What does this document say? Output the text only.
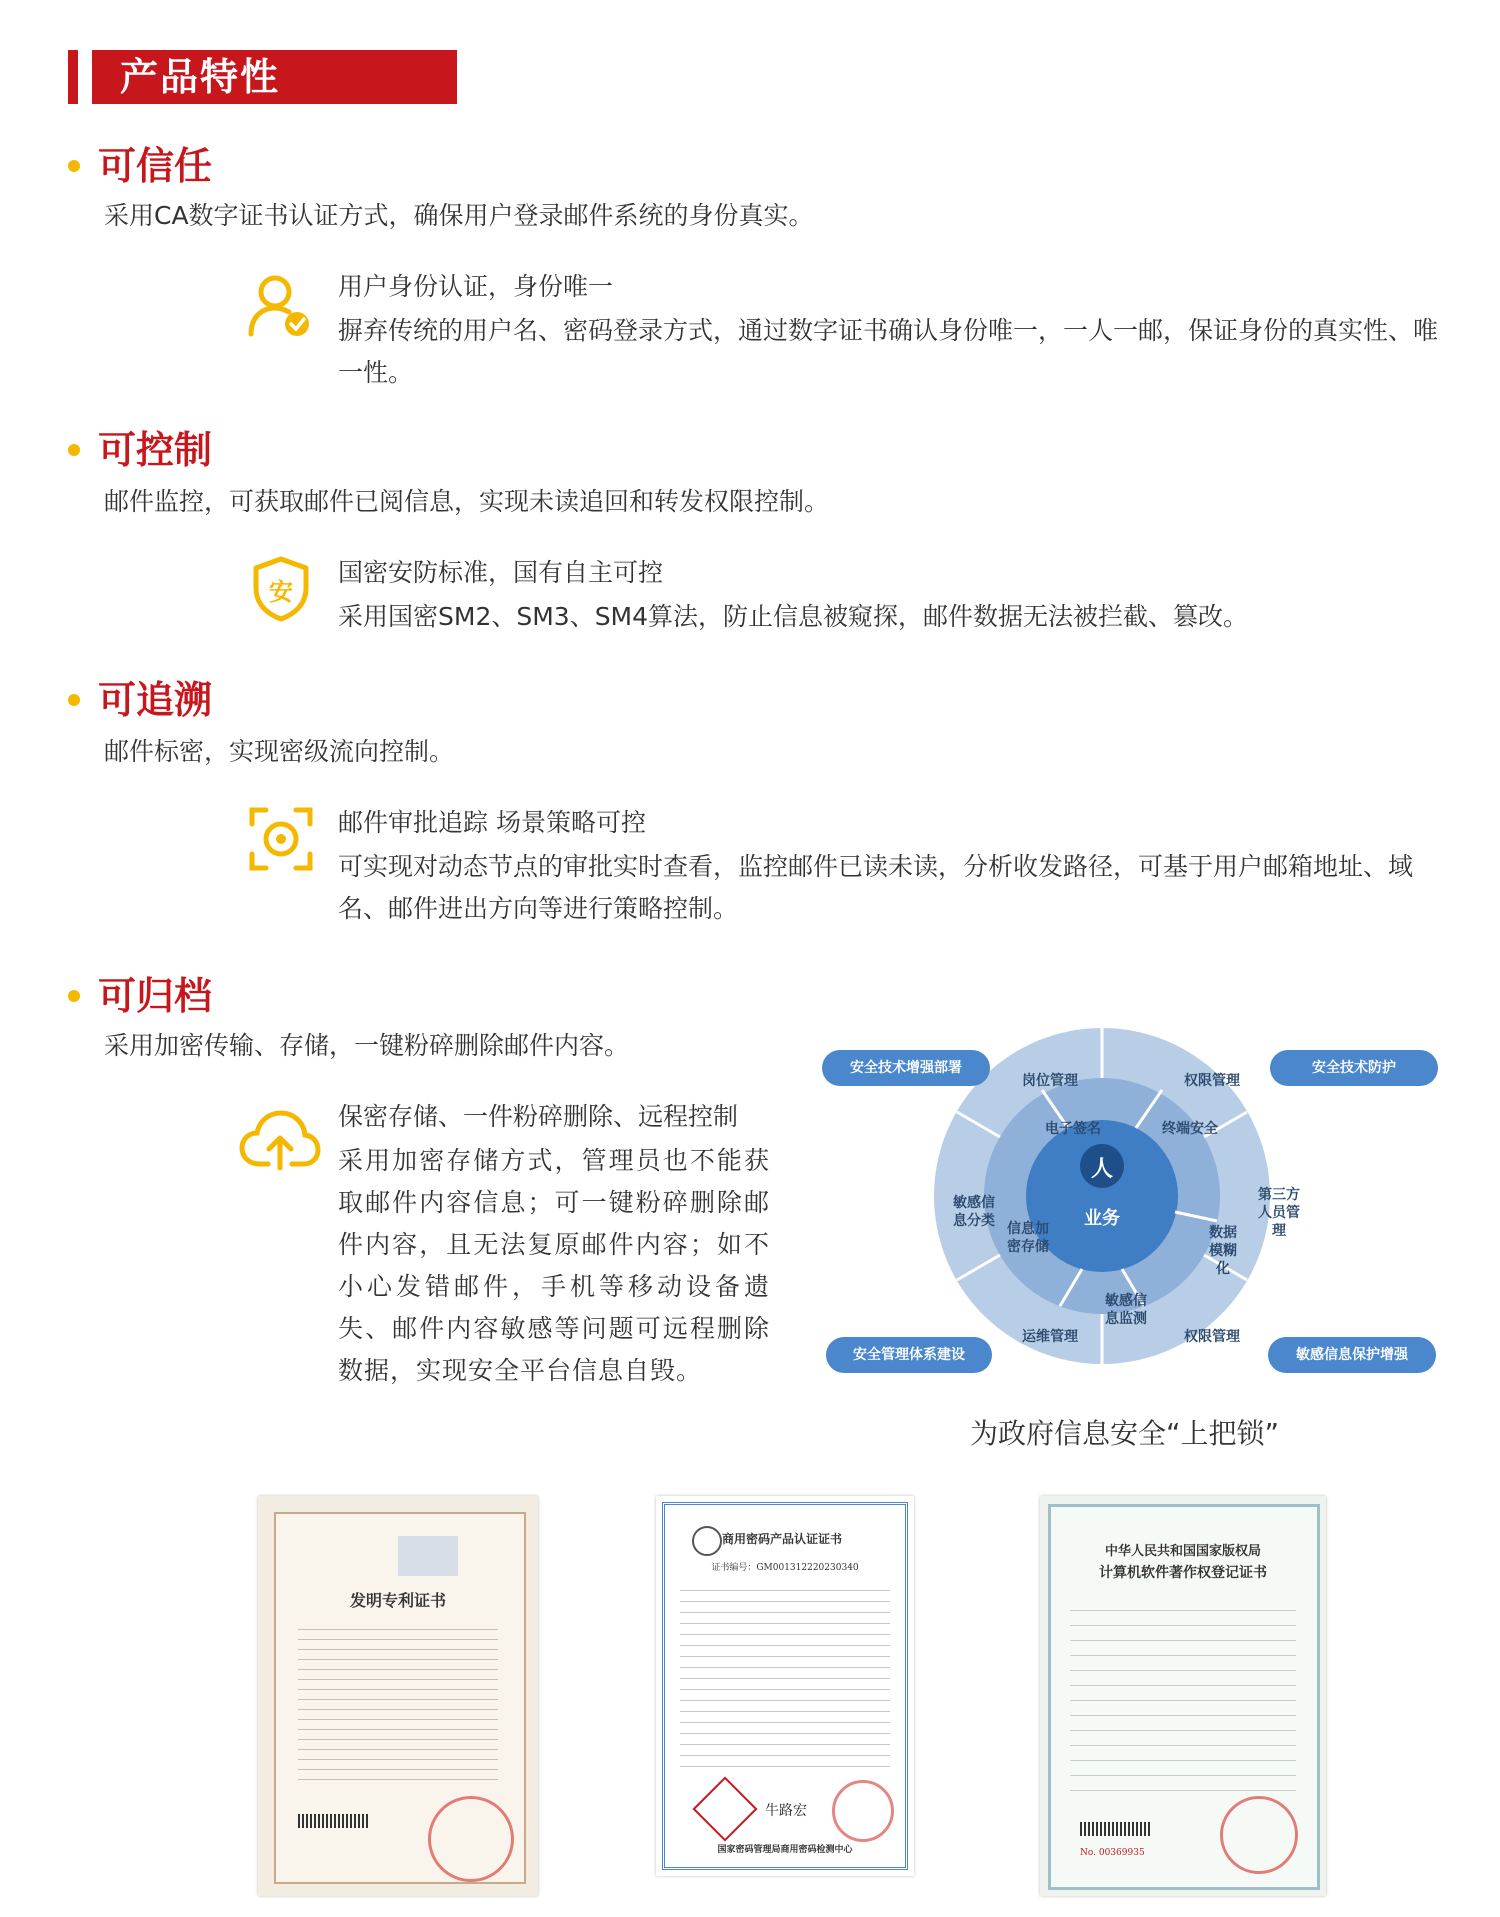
产品特性
可信任
采用CA数字证书认证方式，确保用户登录邮件系统的身份真实。
用户身份认证，身份唯一
摒弃传统的用户名、密码登录方式，通过数字证书确认身份唯一，一人一邮，保证身份的真实性、唯一性。
可控制
邮件监控，可获取邮件已阅信息，实现未读追回和转发权限控制。
安
国密安防标准，国有自主可控
采用国密SM2、SM3、SM4算法，防止信息被窥探，邮件数据无法被拦截、篡改。
可追溯
邮件标密，实现密级流向控制。
邮件审批追踪 场景策略可控
可实现对动态节点的审批实时查看，监控邮件已读未读，分析收发路径，可基于用户邮箱地址、域名、邮件进出方向等进行策略控制。
可归档
采用加密传输、存储，一键粉碎删除邮件内容。
保密存储、一件粉碎删除、远程控制
采用加密存储方式，管理员也不能获取邮件内容信息；可一键粉碎删除邮件内容，且无法复原邮件内容；如不小心发错邮件，手机等移动设备遗失、邮件内容敏感等问题可远程删除数据，实现安全平台信息自毁。
人
业务
岗位管理	权限管理
第三方人员管理
权限管理
运维管理
敏感信息分类
电子签名	终端安全
数据模糊化
敏感信息监测
信息加密存储
安全技术增强部署	安全技术防护
安全管理体系建设	敏感信息保护增强
为政府信息安全“上把锁”
发明专利证书
商用密码产品认证证书
证书编号：GM001312220230340
牛路宏
国家密码管理局商用密码检测中心
中华人民共和国国家版权局
计算机软件著作权登记证书
No. 00369935
